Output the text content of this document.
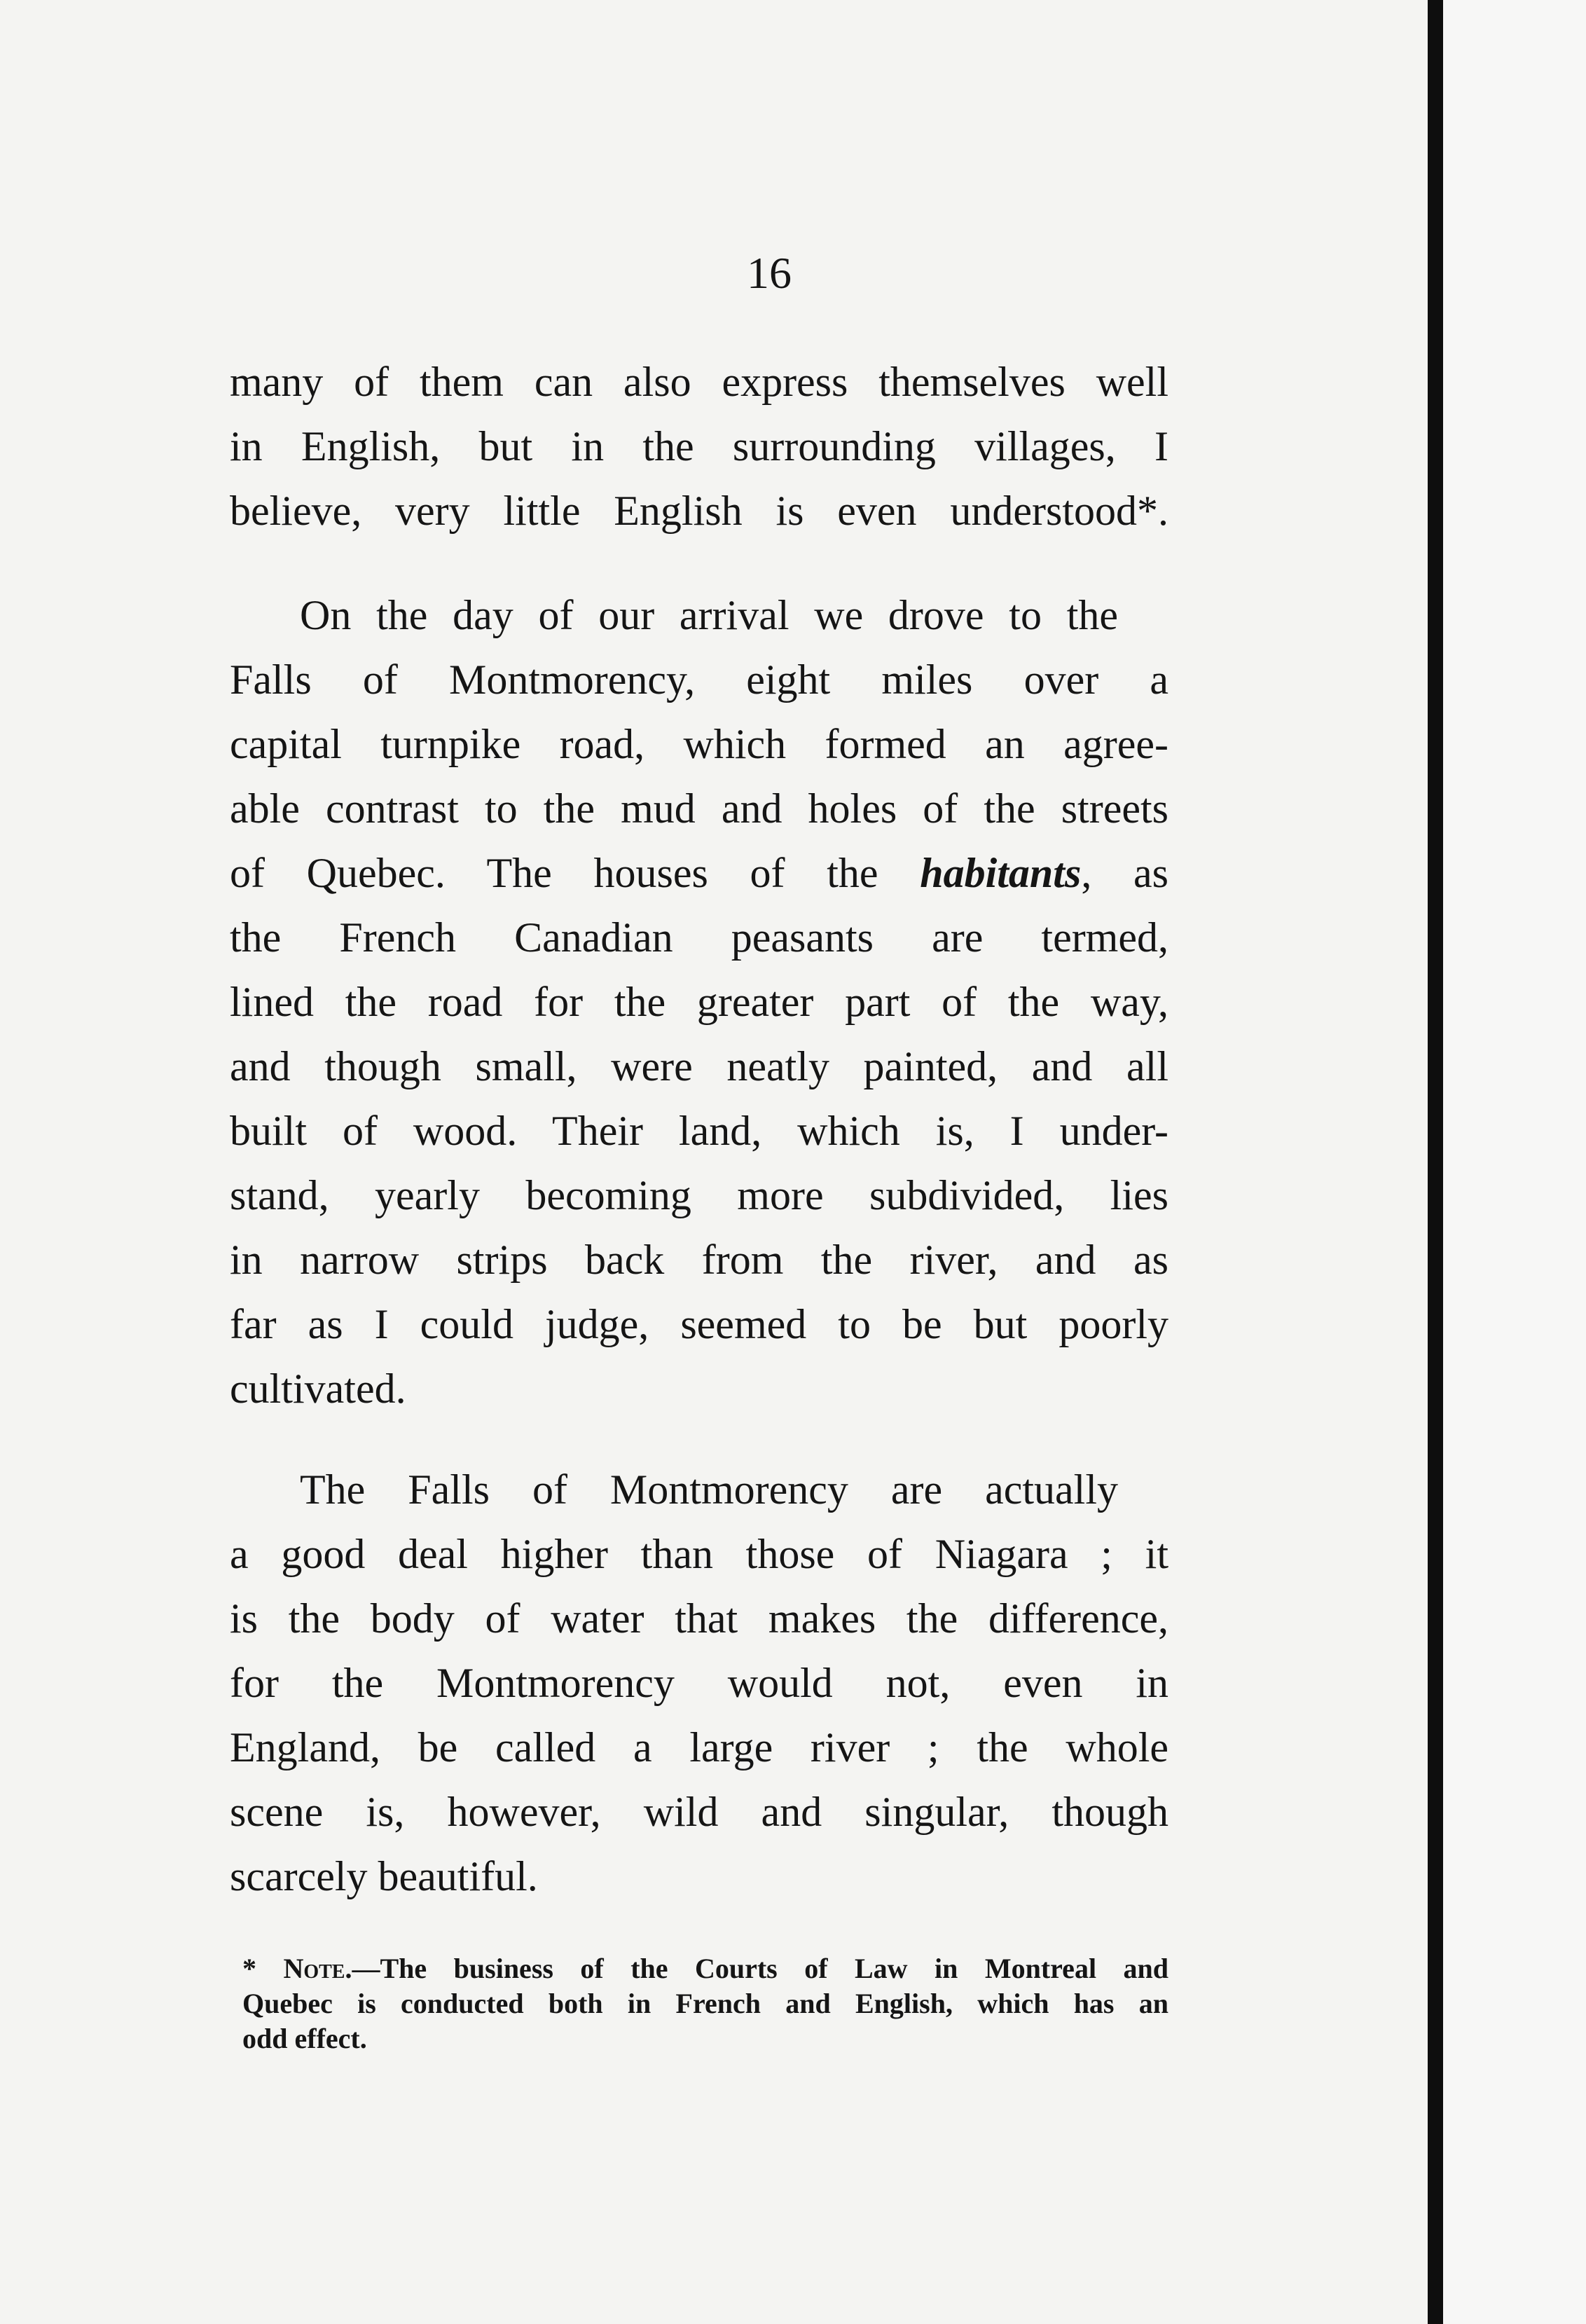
16

many of them can also express themselves well

in English, but in the surrounding villages, I

believe, very little English is even understood*.

On the day of our arrival we drove to the

Falls of Montmorency, eight miles over a

capital turnpike road, which formed an agree-

able contrast to the mud and holes of the streets

of Quebec. The houses of the habitants, as

the French Canadian peasants are termed,

lined the road for the greater part of the way,

and though small, were neatly painted, and all

built of wood. Their land, which is, I under-

stand, yearly becoming more subdivided, lies

in narrow strips back from the river, and as

far as I could judge, seemed to be but poorly

cultivated.

The Falls of Montmorency are actually

a good deal higher than those of Niagara ; it

is the body of water that makes the difference,

for the Montmorency would not, even in

England, be called a large river ; the whole

scene is, however, wild and singular, though

scarcely beautiful.

* Note.—The business of the Courts of Law in Montreal and

Quebec is conducted both in French and English, which has an

odd effect.
